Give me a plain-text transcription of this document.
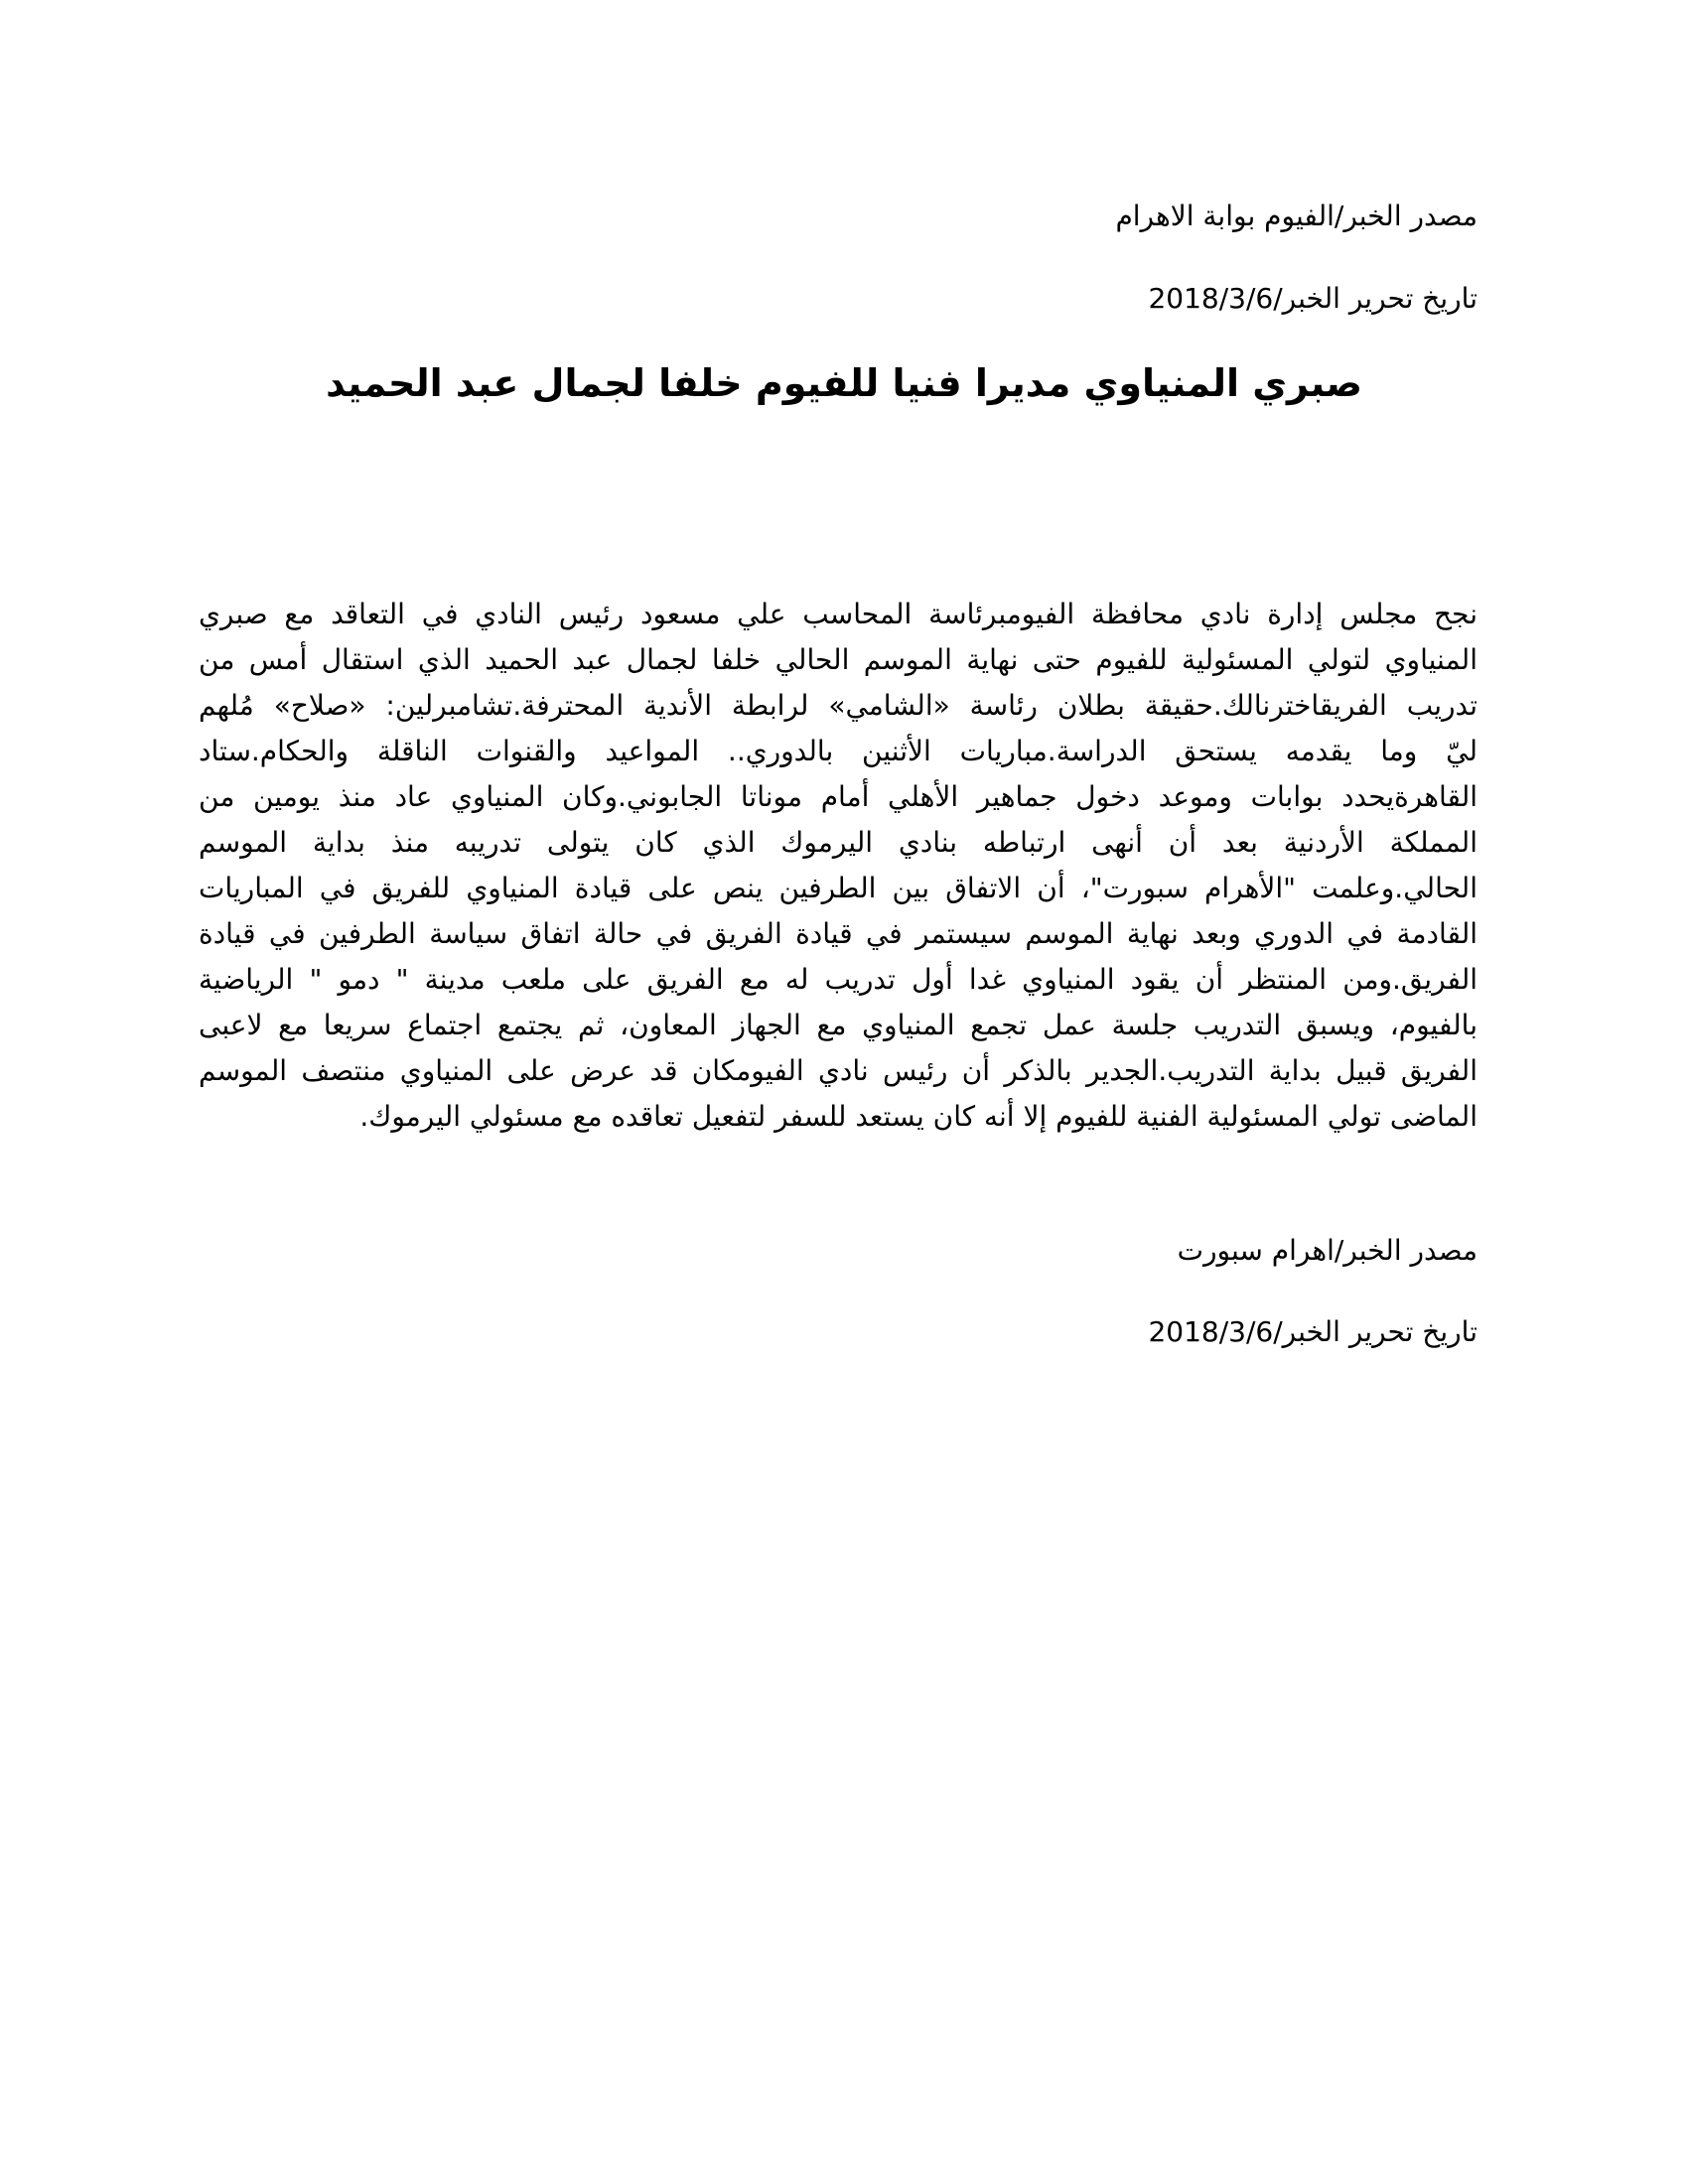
مصدر الخبر/الفيوم بوابة الاهرام
تاريخ تحرير الخبر/2018/3/6
صبري المنياوي مديرا فنيا للفيوم خلفا لجمال عبد الحميد
نجح مجلس إدارة نادي محافظة الفيومبرئاسة المحاسب علي مسعود رئيس النادي في التعاقد مع صبري
المنياوي لتولي المسئولية للفيوم حتى نهاية الموسم الحالي خلفا لجمال عبد الحميد الذي استقال أمس من
تدريب الفريقاخترنالك.حقيقة بطلان رئاسة «الشامي» لرابطة الأندية المحترفة.تشامبرلين: «صلاح» مُلهم
ليّ وما يقدمه يستحق الدراسة.مباريات الأثنين بالدوري.. المواعيد والقنوات الناقلة والحكام.ستاد
القاهرةيحدد بوابات وموعد دخول جماهير الأهلي أمام موناتا الجابوني.وكان المنياوي عاد منذ يومين من
المملكة الأردنية بعد أن أنهى ارتباطه بنادي اليرموك الذي كان يتولى تدريبه منذ بداية الموسم
الحالي.وعلمت "الأهرام سبورت"، أن الاتفاق بين الطرفين ينص على قيادة المنياوي للفريق في المباريات
القادمة في الدوري وبعد نهاية الموسم سيستمر في قيادة الفريق في حالة اتفاق سياسة الطرفين في قيادة
الفريق.ومن المنتظر أن يقود المنياوي غدا أول تدريب له مع الفريق على ملعب مدينة " دمو " الرياضية
بالفيوم، ويسبق التدريب جلسة عمل تجمع المنياوي مع الجهاز المعاون، ثم يجتمع اجتماع سريعا مع لاعبى
الفريق قبيل بداية التدريب.الجدير بالذكر أن رئيس نادي الفيومكان قد عرض على المنياوي منتصف الموسم
الماضى تولي المسئولية الفنية للفيوم إلا أنه كان يستعد للسفر لتفعيل تعاقده مع مسئولي اليرموك.
مصدر الخبر/اهرام سبورت
تاريخ تحرير الخبر/2018/3/6
